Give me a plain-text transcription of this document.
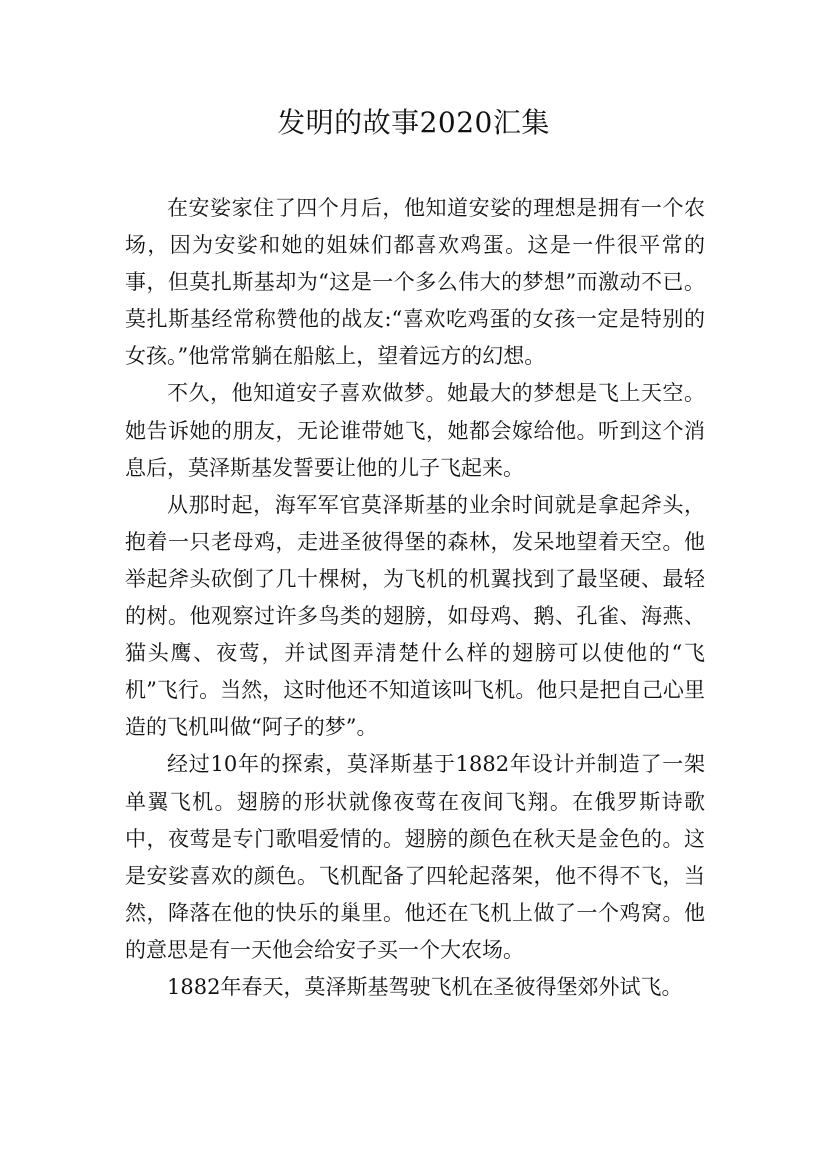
发明的故事2020汇集

在安娑家住了四个月后，他知道安娑的理想是拥有一个农场，因为安娑和她的姐妹们都喜欢鸡蛋。这是一件很平常的事，但莫扎斯基却为“这是一个多么伟大的梦想”而激动不已。莫扎斯基经常称赞他的战友:“喜欢吃鸡蛋的女孩一定是特别的女孩。”他常常躺在船舷上，望着远方的幻想。

不久，他知道安子喜欢做梦。她最大的梦想是飞上天空。她告诉她的朋友，无论谁带她飞，她都会嫁给他。听到这个消息后，莫泽斯基发誓要让他的儿子飞起来。

从那时起，海军军官莫泽斯基的业余时间就是拿起斧头，抱着一只老母鸡，走进圣彼得堡的森林，发呆地望着天空。他举起斧头砍倒了几十棵树，为飞机的机翼找到了最坚硬、最轻的树。他观察过许多鸟类的翅膀，如母鸡、鹅、孔雀、海燕、猫头鹰、夜莺，并试图弄清楚什么样的翅膀可以使他的“飞机”飞行。当然，这时他还不知道该叫飞机。他只是把自己心里造的飞机叫做“阿子的梦”。

经过10年的探索，莫泽斯基于1882年设计并制造了一架单翼飞机。翅膀的形状就像夜莺在夜间飞翔。在俄罗斯诗歌中，夜莺是专门歌唱爱情的。翅膀的颜色在秋天是金色的。这是安娑喜欢的颜色。飞机配备了四轮起落架，他不得不飞，当然，降落在他的快乐的巢里。他还在飞机上做了一个鸡窝。他的意思是有一天他会给安子买一个大农场。

1882年春天，莫泽斯基驾驶飞机在圣彼得堡郊外试飞。
